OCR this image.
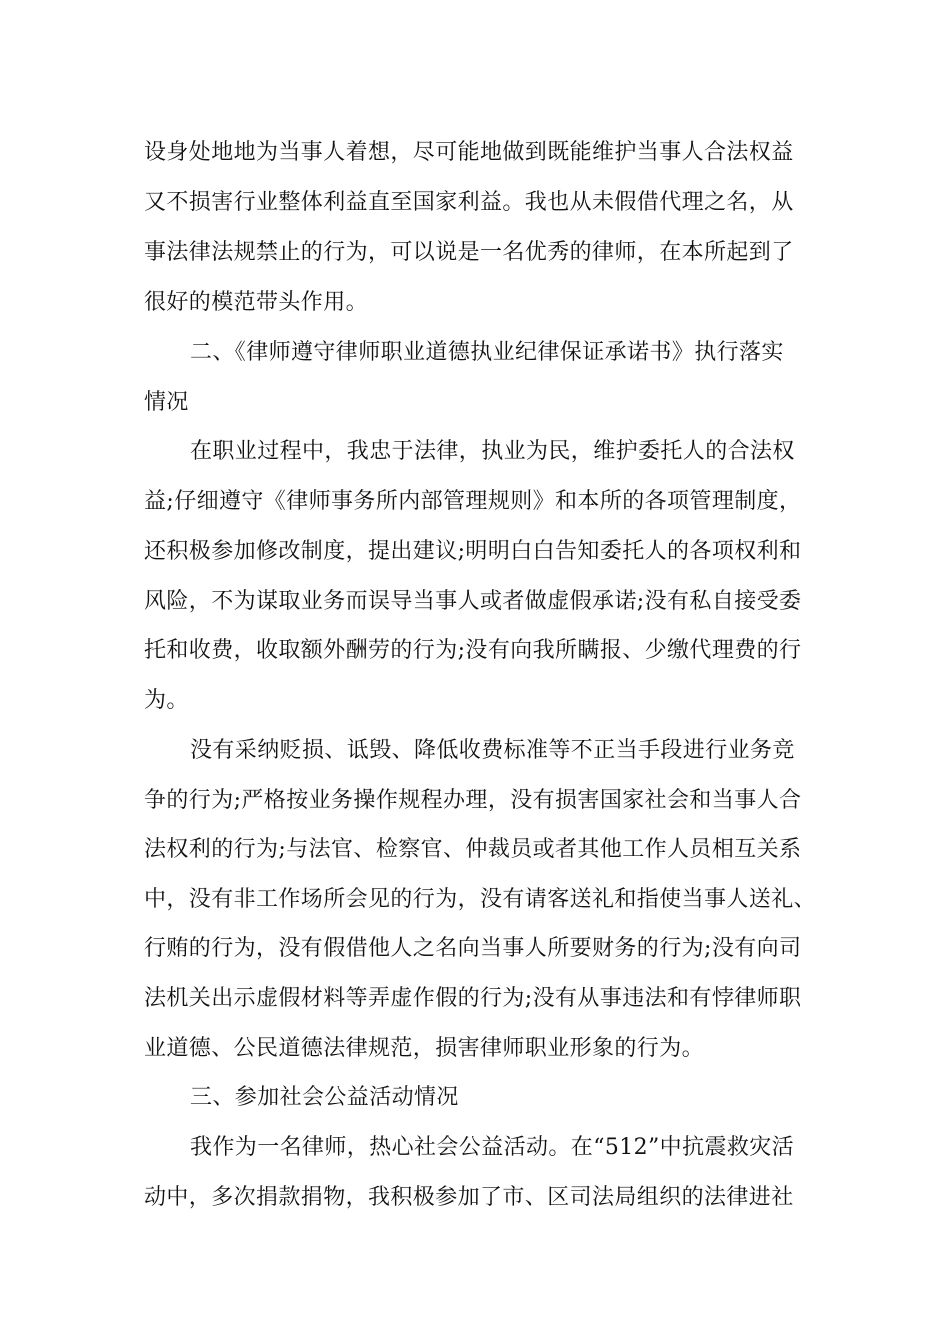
设身处地地为当事人着想，尽可能地做到既能维护当事人合法权益
又不损害行业整体利益直至国家利益。我也从未假借代理之名，从
事法律法规禁止的行为，可以说是一名优秀的律师，在本所起到了
很好的模范带头作用。
二、《律师遵守律师职业道德执业纪律保证承诺书》执行落实
情况
在职业过程中，我忠于法律，执业为民，维护委托人的合法权
益;仔细遵守《律师事务所内部管理规则》和本所的各项管理制度，
还积极参加修改制度，提出建议;明明白白告知委托人的各项权利和
风险，不为谋取业务而误导当事人或者做虚假承诺;没有私自接受委
托和收费，收取额外酬劳的行为;没有向我所瞒报、少缴代理费的行
为。
没有采纳贬损、诋毁、降低收费标准等不正当手段进行业务竞
争的行为;严格按业务操作规程办理，没有损害国家社会和当事人合
法权利的行为;与法官、检察官、仲裁员或者其他工作人员相互关系
中，没有非工作场所会见的行为，没有请客送礼和指使当事人送礼、
行贿的行为，没有假借他人之名向当事人所要财务的行为;没有向司
法机关出示虚假材料等弄虚作假的行为;没有从事违法和有悖律师职
业道德、公民道德法律规范，损害律师职业形象的行为。
三、参加社会公益活动情况
我作为一名律师，热心社会公益活动。在“512”中抗震救灾活
动中，多次捐款捐物，我积极参加了市、区司法局组织的法律进社
